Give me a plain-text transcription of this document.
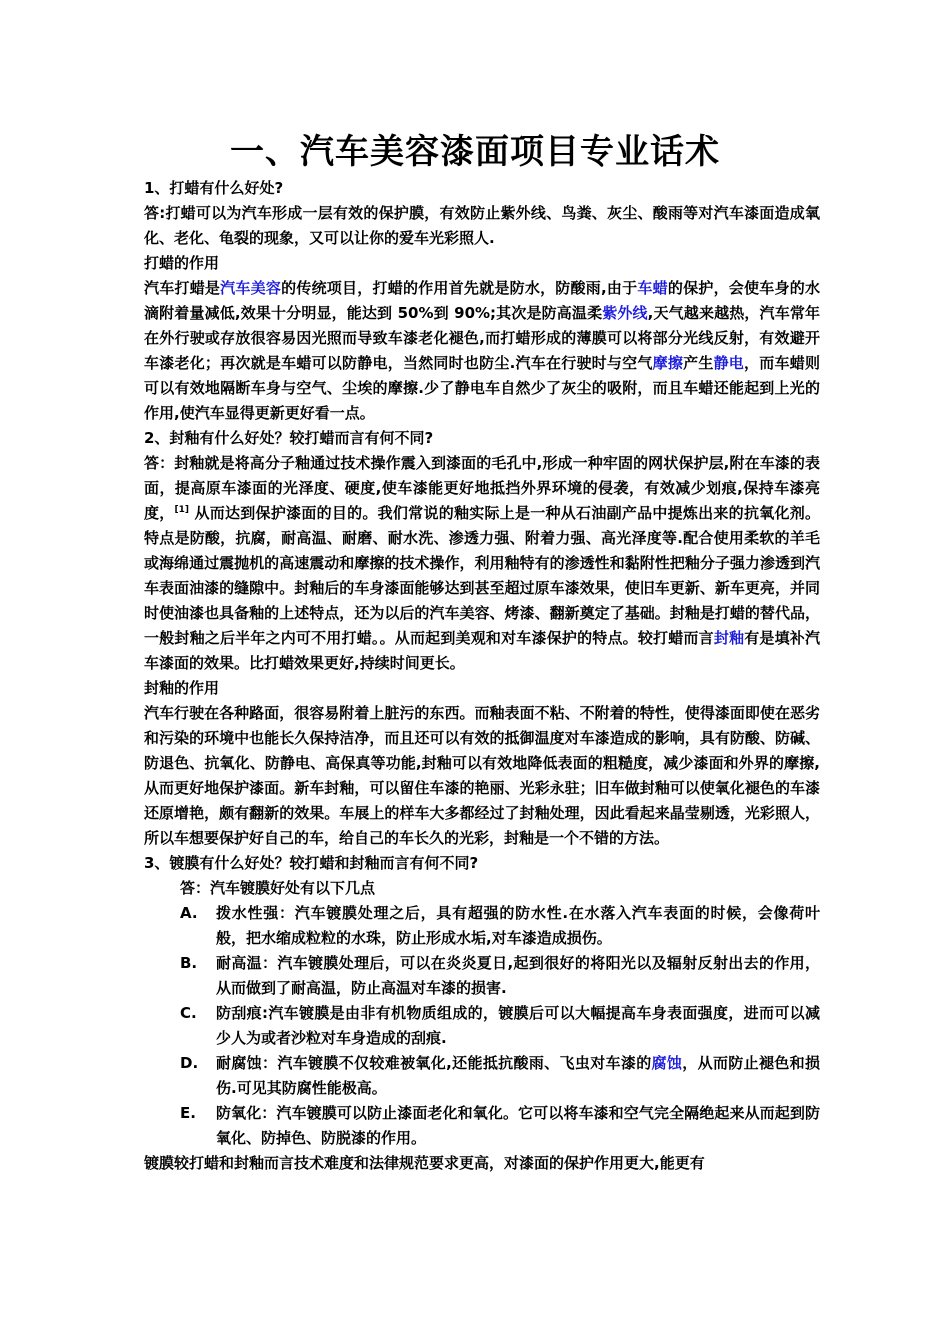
一、汽车美容漆面项目专业话术

1、打蜡有什么好处?

答:打蜡可以为汽车形成一层有效的保护膜，有效防止紫外线、鸟粪、灰尘、酸雨等对汽车漆面造成氧化、老化、龟裂的现象，又可以让你的爱车光彩照人.

打蜡的作用

汽车打蜡是汽车美容的传统项目，打蜡的作用首先就是防水，防酸雨,由于车蜡的保护，会使车身的水滴附着量减低,效果十分明显，能达到 50%到 90%;其次是防高温柔紫外线,天气越来越热，汽车常年在外行驶或存放很容易因光照而导致车漆老化褪色,而打蜡形成的薄膜可以将部分光线反射，有效避开车漆老化；再次就是车蜡可以防静电，当然同时也防尘.汽车在行驶时与空气摩擦产生静电，而车蜡则可以有效地隔断车身与空气、尘埃的摩擦.少了静电车自然少了灰尘的吸附，而且车蜡还能起到上光的作用,使汽车显得更新更好看一点。

2、封釉有什么好处？较打蜡而言有何不同?

答：封釉就是将高分子釉通过技术操作震入到漆面的毛孔中,形成一种牢固的网状保护层,附在车漆的表面，提高原车漆面的光泽度、硬度,使车漆能更好地抵挡外界环境的侵袭，有效减少划痕,保持车漆亮度，[1] 从而达到保护漆面的目的。我们常说的釉实际上是一种从石油副产品中提炼出来的抗氧化剂。特点是防酸，抗腐，耐高温、耐磨、耐水洗、渗透力强、附着力强、高光泽度等.配合使用柔软的羊毛或海绵通过震抛机的高速震动和摩擦的技术操作，利用釉特有的渗透性和黏附性把釉分子强力渗透到汽车表面油漆的缝隙中。封釉后的车身漆面能够达到甚至超过原车漆效果，使旧车更新、新车更亮，并同时使油漆也具备釉的上述特点，还为以后的汽车美容、烤漆、翻新奠定了基础。封釉是打蜡的替代品，一般封釉之后半年之内可不用打蜡。。从而起到美观和对车漆保护的特点。较打蜡而言封釉有是填补汽车漆面的效果。比打蜡效果更好,持续时间更长。

封釉的作用

汽车行驶在各种路面，很容易附着上脏污的东西。而釉表面不粘、不附着的特性，使得漆面即使在恶劣和污染的环境中也能长久保持洁净，而且还可以有效的抵御温度对车漆造成的影响，具有防酸、防碱、防退色、抗氧化、防静电、高保真等功能,封釉可以有效地降低表面的粗糙度，减少漆面和外界的摩擦,从而更好地保护漆面。新车封釉，可以留住车漆的艳丽、光彩永驻；旧车做封釉可以使氧化褪色的车漆还原增艳，颇有翻新的效果。车展上的样车大多都经过了封釉处理，因此看起来晶莹剔透，光彩照人，所以车想要保护好自己的车，给自己的车长久的光彩，封釉是一个不错的方法。

3、镀膜有什么好处？较打蜡和封釉而言有何不同?

答：汽车镀膜好处有以下几点

A.	拨水性强：汽车镀膜处理之后，具有超强的防水性.在水落入汽车表面的时候，会像荷叶般，把水缩成粒粒的水珠，防止形成水垢,对车漆造成损伤。
B.	耐高温：汽车镀膜处理后，可以在炎炎夏日,起到很好的将阳光以及辐射反射出去的作用，从而做到了耐高温，防止高温对车漆的损害.
C.	防刮痕:汽车镀膜是由非有机物质组成的，镀膜后可以大幅提高车身表面强度，进而可以减少人为或者沙粒对车身造成的刮痕.
D.	耐腐蚀：汽车镀膜不仅较难被氧化,还能抵抗酸雨、飞虫对车漆的腐蚀，从而防止褪色和损伤.可见其防腐性能极高。
E.	防氧化：汽车镀膜可以防止漆面老化和氧化。它可以将车漆和空气完全隔绝起来从而起到防氧化、防掉色、防脱漆的作用。

镀膜较打蜡和封釉而言技术难度和法律规范要求更高，对漆面的保护作用更大,能更有
